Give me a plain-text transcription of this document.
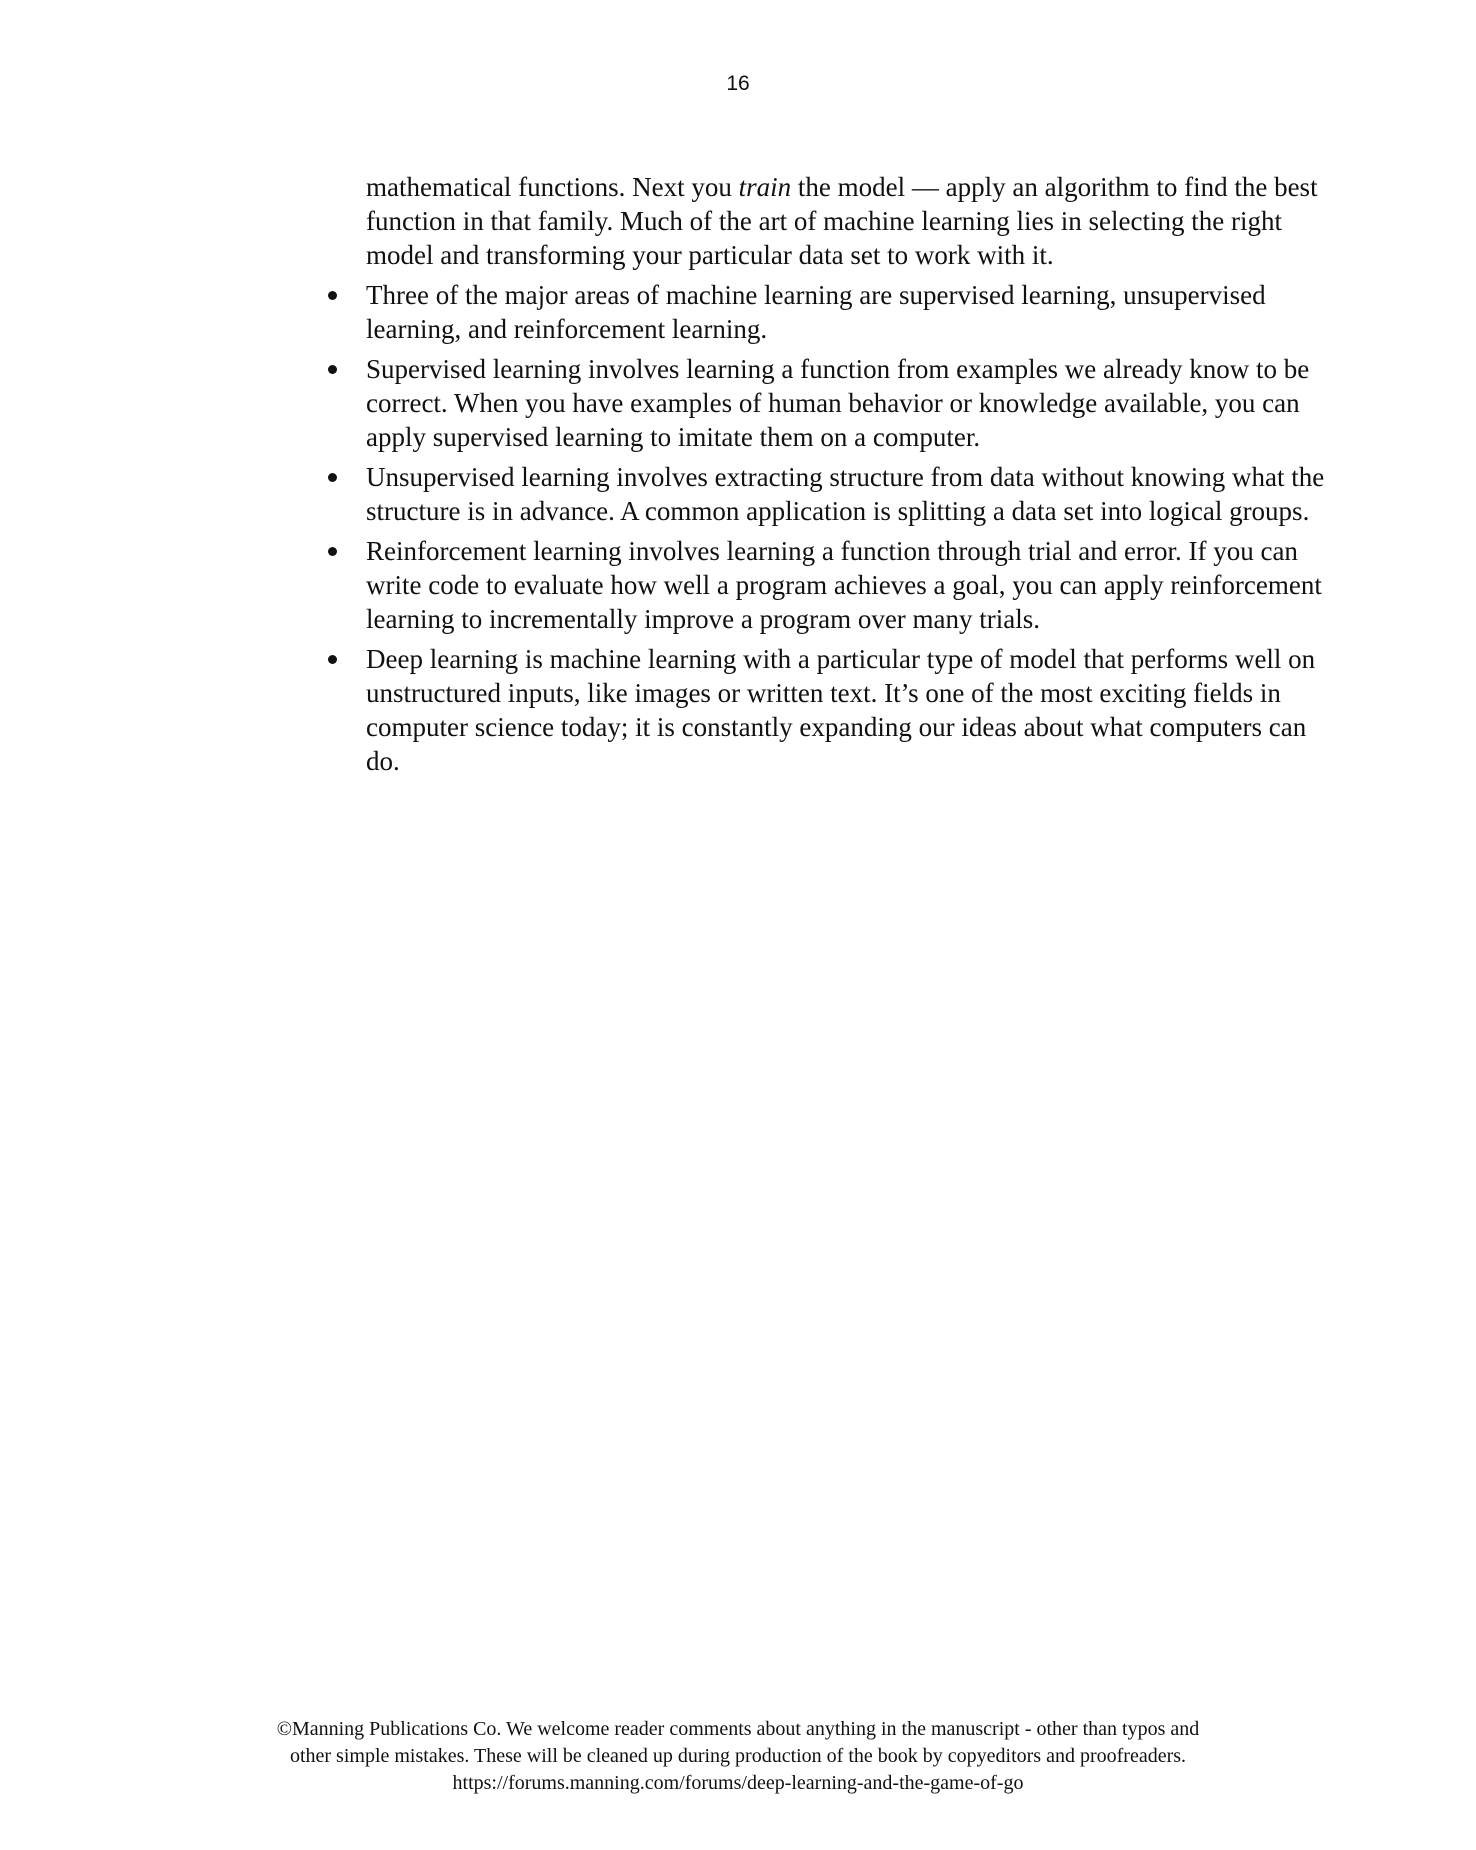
16

mathematical functions. Next you train the model — apply an algorithm to find the best function in that family. Much of the art of machine learning lies in selecting the right model and transforming your particular data set to work with it.

Three of the major areas of machine learning are supervised learning, unsupervised learning, and reinforcement learning.
Supervised learning involves learning a function from examples we already know to be correct. When you have examples of human behavior or knowledge available, you can apply supervised learning to imitate them on a computer.
Unsupervised learning involves extracting structure from data without knowing what the structure is in advance. A common application is splitting a data set into logical groups.
Reinforcement learning involves learning a function through trial and error. If you can write code to evaluate how well a program achieves a goal, you can apply reinforcement learning to incrementally improve a program over many trials.
Deep learning is machine learning with a particular type of model that performs well on unstructured inputs, like images or written text. It’s one of the most exciting fields in computer science today; it is constantly expanding our ideas about what computers can do.
©Manning Publications Co. We welcome reader comments about anything in the manuscript - other than typos and
other simple mistakes. These will be cleaned up during production of the book by copyeditors and proofreaders.
https://forums.manning.com/forums/deep-learning-and-the-game-of-go
